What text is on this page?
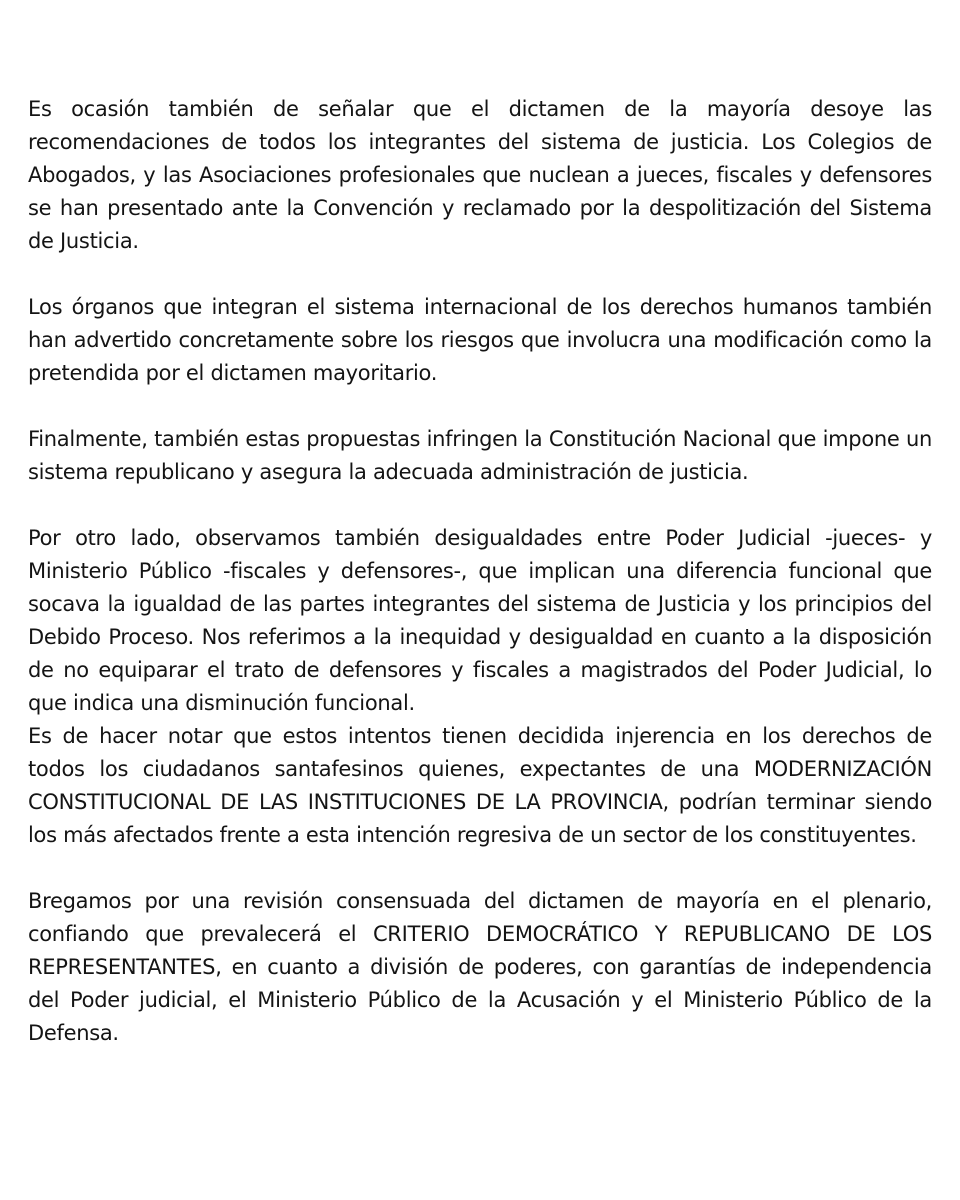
Es ocasión también de señalar que el dictamen de la mayoría desoye las recomendaciones de todos los integrantes del sistema de justicia. Los Colegios de Abogados, y las Asociaciones profesionales que nuclean a jueces, fiscales y defensores se han presentado ante la Convención y reclamado por la despolitización del Sistema de Justicia.

Los órganos que integran el sistema internacional de los derechos humanos también han advertido concretamente sobre los riesgos que involucra una modificación como la pretendida por el dictamen mayoritario.

Finalmente, también estas propuestas infringen la Constitución Nacional que impone un sistema republicano y asegura la adecuada administración de justicia.

Por otro lado, observamos también desigualdades entre Poder Judicial -jueces- y Ministerio Público -fiscales y defensores-, que implican una diferencia funcional que socava la igualdad de las partes integrantes del sistema de Justicia y los principios del Debido Proceso. Nos referimos a la inequidad y desigualdad en cuanto a la disposición de no equiparar el trato de defensores y fiscales a magistrados del Poder Judicial, lo que indica una disminución funcional.

Es de hacer notar que estos intentos tienen decidida injerencia en los derechos de todos los ciudadanos santafesinos quienes, expectantes de una MODERNIZACIÓN CONSTITUCIONAL DE LAS INSTITUCIONES DE LA PROVINCIA, podrían terminar siendo los más afectados frente a esta intención regresiva de un sector de los constituyentes.

Bregamos por una revisión consensuada del dictamen de mayoría en el plenario, confiando que prevalecerá el CRITERIO DEMOCRÁTICO Y REPUBLICANO DE LOS REPRESENTANTES, en cuanto a división de poderes, con garantías de independencia del Poder judicial, el Ministerio Público de la Acusación y el Ministerio Público de la Defensa.
